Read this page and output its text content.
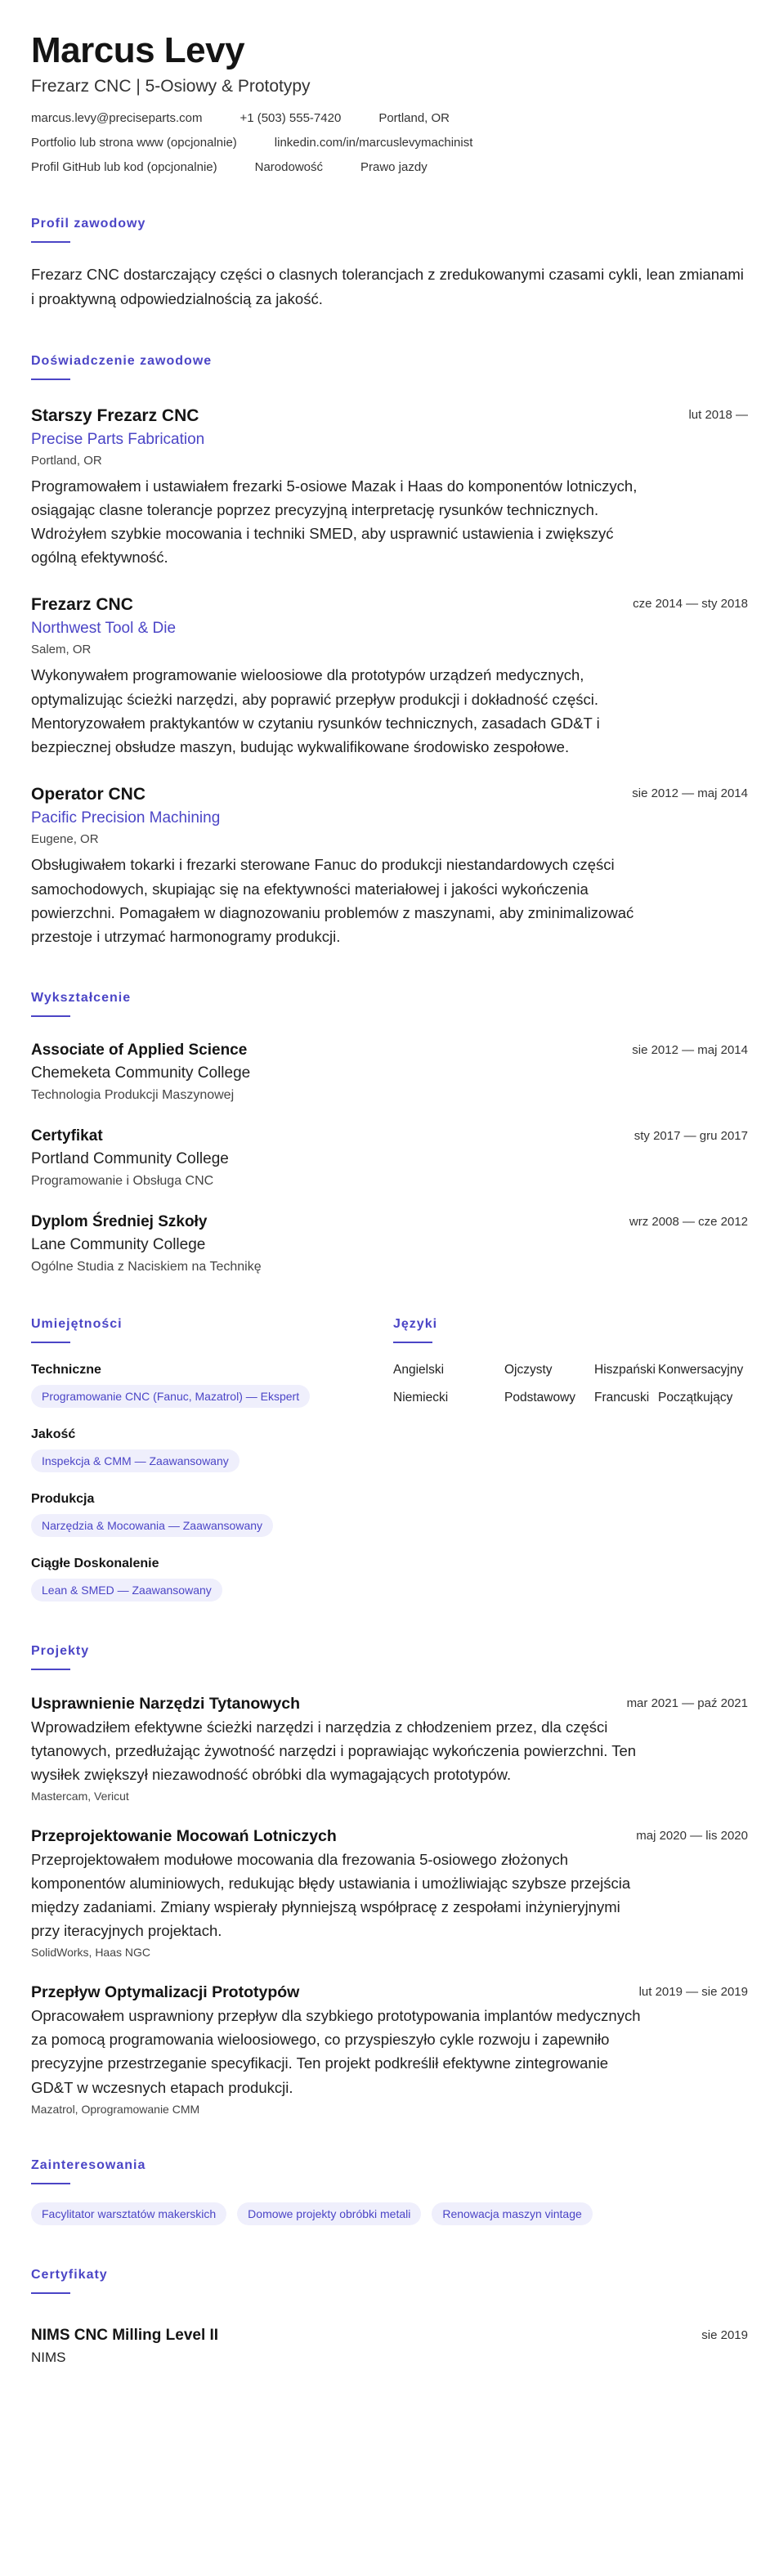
Marcus Levy
Frezarz CNC | 5-Osiowy & Prototypy
marcus.levy@preciseparts.com	+1 (503) 555-7420	Portland, OR
Portfolio lub strona www (opcjonalnie)	linkedin.com/in/marcuslevymachinist
Profil GitHub lub kod (opcjonalnie)	Narodowość	Prawo jazdy
Profil zawodowy
Frezarz CNC dostarczający części o clasnych tolerancjach z zredukowanymi czasami cykli, lean zmianami i proaktywną odpowiedzialnością za jakość.
Doświadczenie zawodowe
Starszy Frezarz CNC	lut 2018 —
Precise Parts Fabrication
Portland, OR
Programowałem i ustawiałem frezarki 5-osiowe Mazak i Haas do komponentów lotniczych, osiągając clasne tolerancje poprzez precyzyjną interpretację rysunków technicznych. Wdrożyłem szybkie mocowania i techniki SMED, aby usprawnić ustawienia i zwiększyć ogólną efektywność.
Frezarz CNC	cze 2014 — sty 2018
Northwest Tool & Die
Salem, OR
Wykonywałem programowanie wieloosiowe dla prototypów urządzeń medycznych, optymalizując ścieżki narzędzi, aby poprawić przepływ produkcji i dokładność części. Mentoryzowałem praktykantów w czytaniu rysunków technicznych, zasadach GD&T i bezpiecznej obsłudze maszyn, budując wykwalifikowane środowisko zespołowe.
Operator CNC	sie 2012 — maj 2014
Pacific Precision Machining
Eugene, OR
Obsługiwałem tokarki i frezarki sterowane Fanuc do produkcji niestandardowych części samochodowych, skupiając się na efektywności materiałowej i jakości wykończenia powierzchni. Pomagałem w diagnozowaniu problemów z maszynami, aby zminimalizować przestoje i utrzymać harmonogramy produkcji.
Wykształcenie
Associate of Applied Science	sie 2012 — maj 2014
Chemeketa Community College
Technologia Produkcji Maszynowej
Certyfikat	sty 2017 — gru 2017
Portland Community College
Programowanie i Obsługa CNC
Dyplom Średniej Szkoły	wrz 2008 — cze 2012
Lane Community College
Ogólne Studia z Naciskiem na Technikę
Umiejętności
Techniczne
Programowanie CNC (Fanuc, Mazatrol) — Ekspert
Jakość
Inspekcja & CMM — Zaawansowany
Produkcja
Narzędzia & Mocowania — Zaawansowany
Ciągłe Doskonalenie
Lean & SMED — Zaawansowany
Języki
Angielski	Ojczysty	Hiszpański Konwersacyjny
Niemiecki	Podstawowy	Francuski Początkujący
Projekty
Usprawnienie Narzędzi Tytanowych	mar 2021 — paź 2021
Wprowadziłem efektywne ścieżki narzędzi i narzędzia z chłodzeniem przez, dla części tytanowych, przedłużając żywotność narzędzi i poprawiając wykończenia powierzchni. Ten wysiłek zwiększył niezawodność obróbki dla wymagających prototypów.
Mastercam, Vericut
Przeprojektowanie Mocowań Lotniczych	maj 2020 — lis 2020
Przeprojektowałem modułowe mocowania dla frezowania 5-osiowego złożonych komponentów aluminiowych, redukując błędy ustawiania i umożliwiając szybsze przejścia między zadaniami. Zmiany wspierały płynniejszą współpracę z zespołami inżynieryjnymi przy iteracyjnych projektach.
SolidWorks, Haas NGC
Przepływ Optymalizacji Prototypów	lut 2019 — sie 2019
Opracowałem usprawniony przepływ dla szybkiego prototypowania implantów medycznych za pomocą programowania wieloosiowego, co przyspieszyło cykle rozwoju i zapewniło precyzyjne przestrzeganie specyfikacji. Ten projekt podkreślił efektywne zintegrowanie GD&T w wczesnych etapach produkcji.
Mazatrol, Oprogramowanie CMM
Zainteresowania
Facylitator warsztatów makerskich	Domowe projekty obróbki metali	Renowacja maszyn vintage
Certyfikaty
NIMS CNC Milling Level II	sie 2019
NIMS
